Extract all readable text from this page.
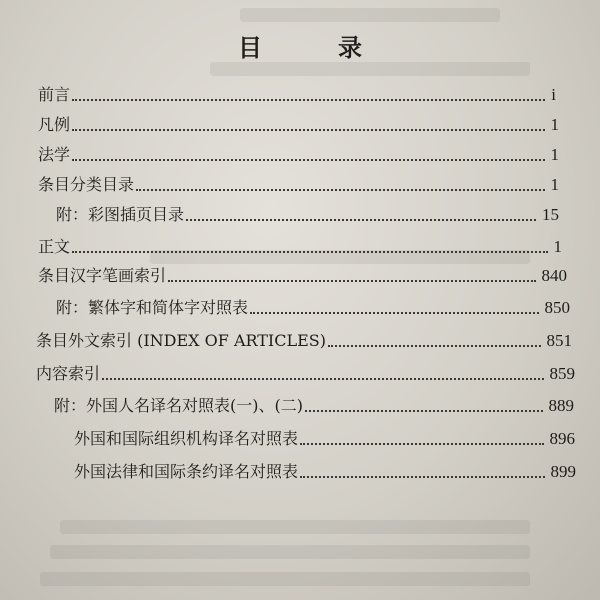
目　录
前言	i
凡例	1
法学	1
条目分类目录	1
附：彩图插页目录	15
正文	1
条目汉字笔画索引	840
附：繁体字和简体字对照表	850
条目外文索引 (INDEX OF ARTICLES)	851
内容索引	859
附：外国人名译名对照表(一)、(二)	889
外国和国际组织机构译名对照表	896
外国法律和国际条约译名对照表	899
